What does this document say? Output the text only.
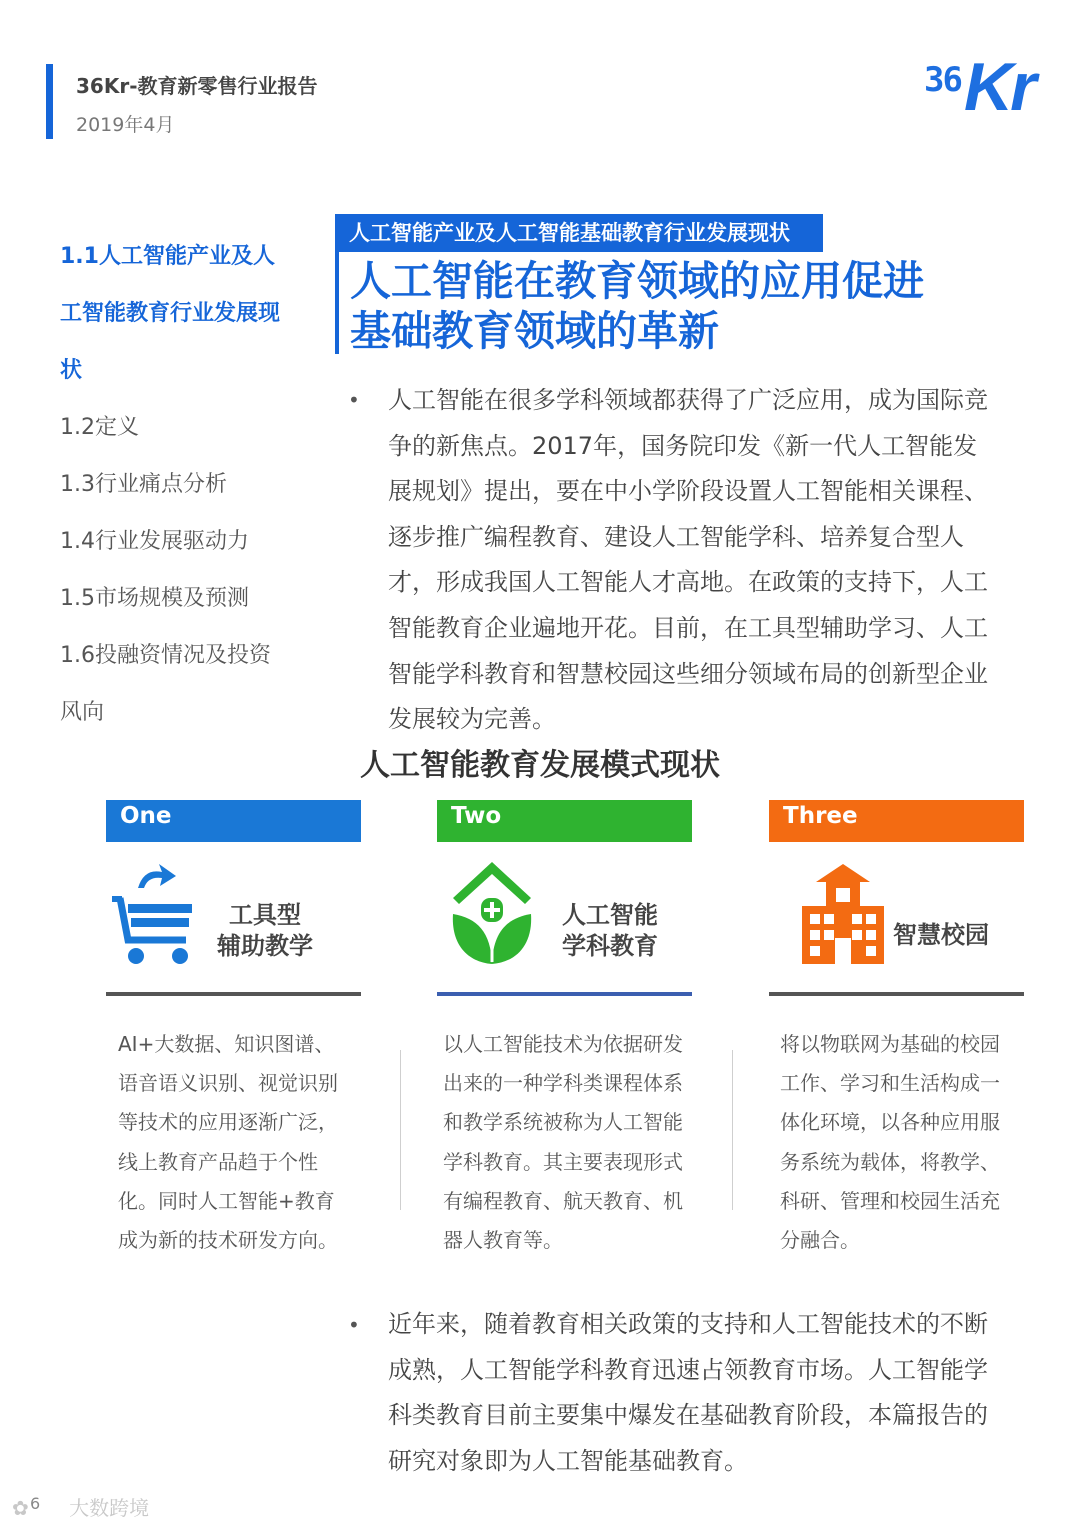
36Kr-教育新零售行业报告
2019年4月
36 Kr
1.1人工智能产业及人
工智能教育行业发展现
状
1.2定义
1.3行业痛点分析
1.4行业发展驱动力
1.5市场规模及预测
1.6投融资情况及投资
风向
人工智能产业及人工智能基础教育行业发展现状
人工智能在教育领域的应用促进
基础教育领域的革新
• 人工智能在很多学科领域都获得了广泛应用，成为国际竞争的新焦点。2017年，国务院印发《新一代人工智能发展规划》提出，要在中小学阶段设置人工智能相关课程、逐步推广编程教育、建设人工智能学科、培养复合型人才，形成我国人工智能人才高地。在政策的支持下，人工智能教育企业遍地开花。目前，在工具型辅助学习、人工智能学科教育和智慧校园这些细分领域布局的创新型企业发展较为完善。
人工智能教育发展模式现状
One	Two	Three
工具型
辅助教学
人工智能
学科教育	智慧校园
AI+大数据、知识图谱、语音语义识别、视觉识别等技术的应用逐渐广泛，线上教育产品趋于个性化。同时人工智能+教育成为新的技术研发方向。
以人工智能技术为依据研发出来的一种学科类课程体系和教学系统被称为人工智能学科教育。其主要表现形式有编程教育、航天教育、机器人教育等。
将以物联网为基础的校园工作、学习和生活构成一体化环境，以各种应用服务系统为载体，将教学、科研、管理和校园生活充分融合。
• 近年来，随着教育相关政策的支持和人工智能技术的不断成熟，人工智能学科教育迅速占领教育市场。人工智能学科类教育目前主要集中爆发在基础教育阶段，本篇报告的研究对象即为人工智能基础教育。
✿ 大数跨境
6
